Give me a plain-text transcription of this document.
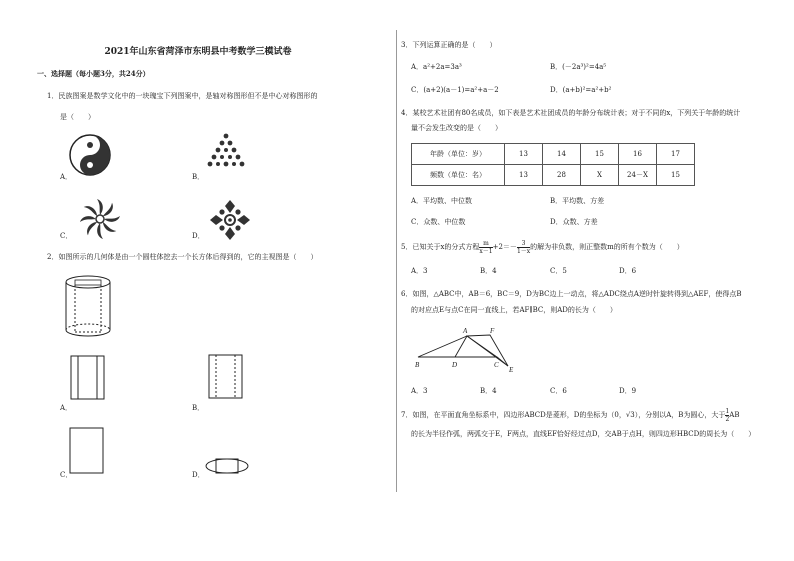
2021年山东省菏泽市东明县中考数学三模试卷
一、选择题（每小题3分，共24分）
1．民族图案是数学文化中的一块瑰宝下列图案中，是轴对称图形但不是中心对称图形的
是（　　）
A．	B．
C．	D．
2．如图所示的几何体是由一个圆柱体挖去一个长方体后得到的，它的主视图是（　　）
A．	B．
C．	D．
3．下列运算正确的是（　　）
A．a²+2a=3a³	B．(－2a³)²=4a⁵
C．(a+2)(a－1)=a²+a－2	D．(a+b)²=a²+b²
4．某校艺术社团有80名成员，如下表是艺术社团成员的年龄分布统计表；对于不同的x，下列关于年龄的统计
量不会发生改变的是（　　）
年龄（单位：岁）	13	14	15	16	17
频数（单位：名）	13	28	X	24－X	15
A．平均数、中位数	B．平均数、方差
C．众数、中位数	D．众数、方差
5．已知关于x的分式方程 $\frac{m}{x-1} +2=- \frac{3}{1-x}$ 的解为非负数，则正整数m的所有个数为（　　）
A．3	B．4	C．5	D．6
6．如图，△ABC中，AB＝6，BC＝9，D为BC边上一动点，将△ADC绕点A逆时针旋转得到△AEF，使得点B
的对应点E与点C在同一直线上，若AF∥BC，则AD的长为（　　）
A	F
B	D	C
E
A．3	B．4	C．6	D．9
7．如图，在平面直角坐标系中，四边形ABCD是菱形，D的坐标为（0，√3），分别以A，B为圆心，大于 $\frac{1}{2}$ AB
的长为半径作弧，两弧交于E，F两点，直线EF恰好经过点D，交AB于点H，则四边形HBCD的周长为（　　）
